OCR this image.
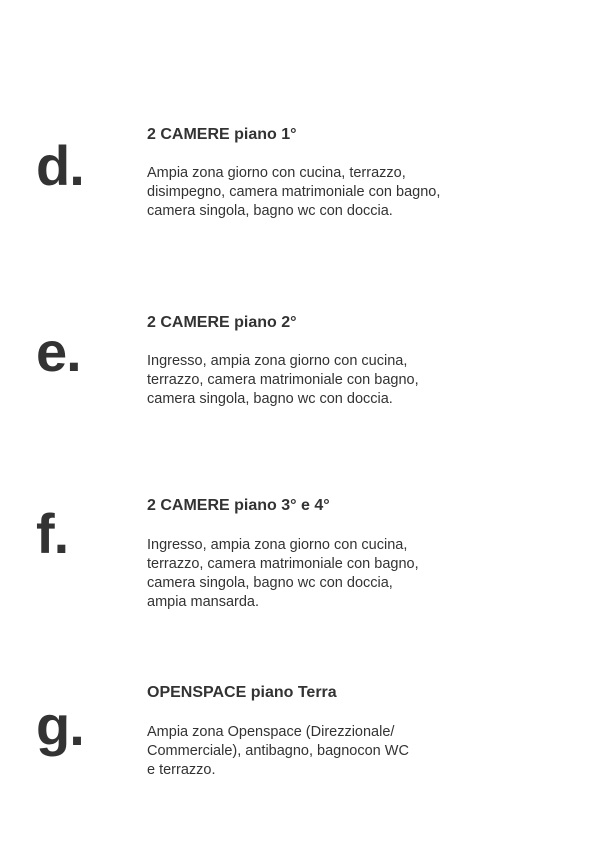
d.	2 CAMERE piano 1°
Ampia zona giorno con cucina, terrazzo,
disimpegno, camera matrimoniale con bagno,
camera singola, bagno wc con doccia.
e.	2 CAMERE piano 2°
Ingresso, ampia zona giorno con cucina,
terrazzo, camera matrimoniale con bagno,
camera singola, bagno wc con doccia.
f.	2 CAMERE piano 3° e 4°
Ingresso, ampia zona giorno con cucina,
terrazzo, camera matrimoniale con bagno,
camera singola, bagno wc con doccia,
ampia mansarda.
g.
OPENSPACE piano Terra
Ampia zona Openspace (Direzzionale/
Commerciale), antibagno, bagnocon WC
e terrazzo.
